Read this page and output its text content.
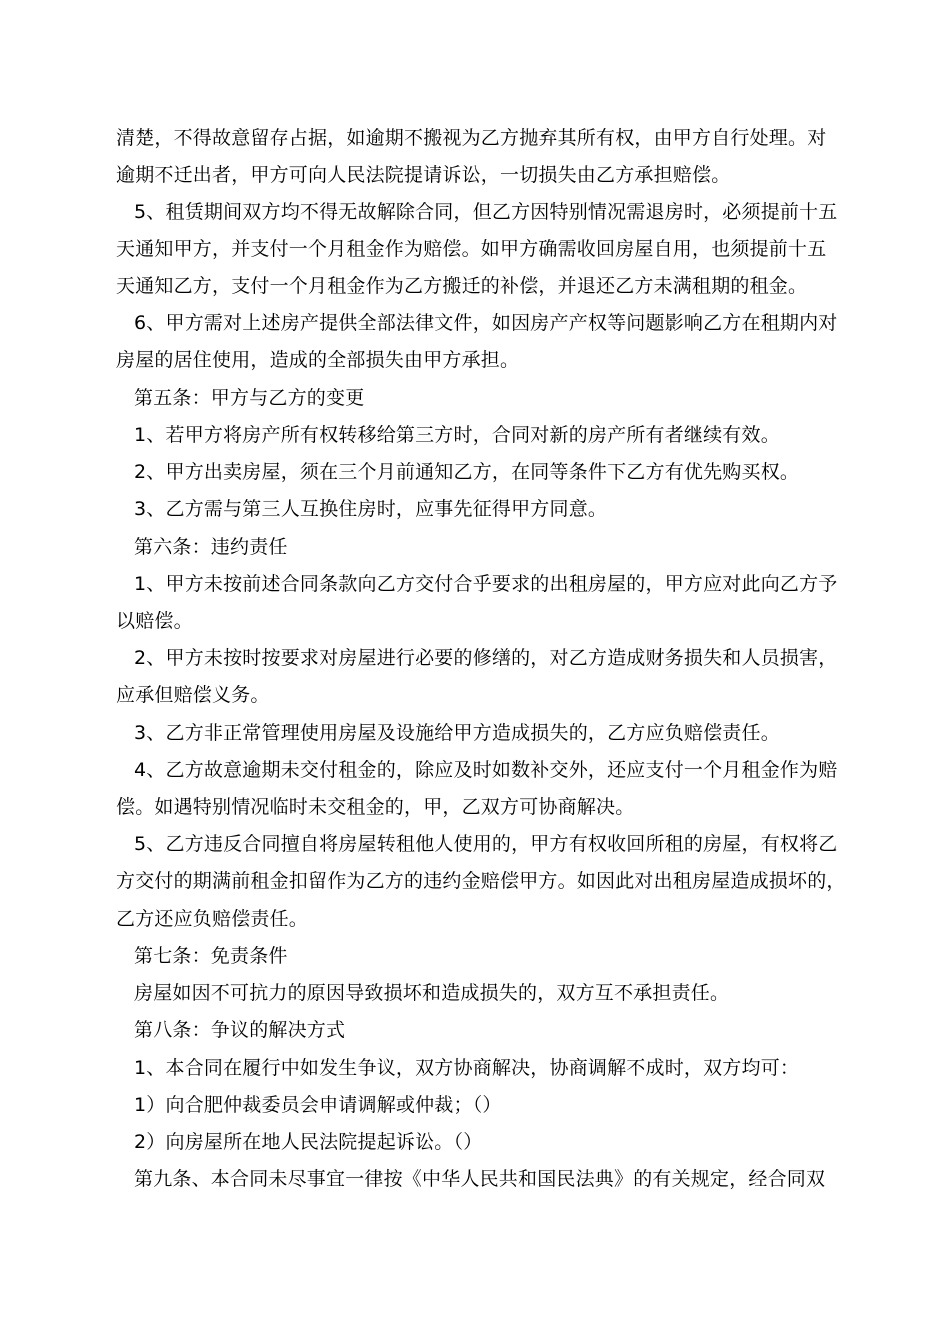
清楚，不得故意留存占据，如逾期不搬视为乙方抛弃其所有权，由甲方自行处理。对
逾期不迁出者，甲方可向人民法院提请诉讼，一切损失由乙方承担赔偿。
5、租赁期间双方均不得无故解除合同，但乙方因特别情况需退房时，必须提前十五
天通知甲方，并支付一个月租金作为赔偿。如甲方确需收回房屋自用，也须提前十五
天通知乙方，支付一个月租金作为乙方搬迁的补偿，并退还乙方未满租期的租金。
6、甲方需对上述房产提供全部法律文件，如因房产产权等问题影响乙方在租期内对
房屋的居住使用，造成的全部损失由甲方承担。
第五条：甲方与乙方的变更
1、若甲方将房产所有权转移给第三方时，合同对新的房产所有者继续有效。
2、甲方出卖房屋，须在三个月前通知乙方，在同等条件下乙方有优先购买权。
3、乙方需与第三人互换住房时，应事先征得甲方同意。
第六条：违约责任
1、甲方未按前述合同条款向乙方交付合乎要求的出租房屋的，甲方应对此向乙方予
以赔偿。
2、甲方未按时按要求对房屋进行必要的修缮的，对乙方造成财务损失和人员损害，
应承但赔偿义务。
3、乙方非正常管理使用房屋及设施给甲方造成损失的，乙方应负赔偿责任。
4、乙方故意逾期未交付租金的，除应及时如数补交外，还应支付一个月租金作为赔
偿。如遇特别情况临时未交租金的，甲，乙双方可协商解决。
5、乙方违反合同擅自将房屋转租他人使用的，甲方有权收回所租的房屋，有权将乙
方交付的期满前租金扣留作为乙方的违约金赔偿甲方。如因此对出租房屋造成损坏的，
乙方还应负赔偿责任。
第七条：免责条件
房屋如因不可抗力的原因导致损坏和造成损失的，双方互不承担责任。
第八条：争议的解决方式
1、本合同在履行中如发生争议，双方协商解决，协商调解不成时，双方均可：
1）向合肥仲裁委员会申请调解或仲裁；（）
2）向房屋所在地人民法院提起诉讼。（）
第九条、本合同未尽事宜一律按《中华人民共和国民法典》的有关规定，经合同双
